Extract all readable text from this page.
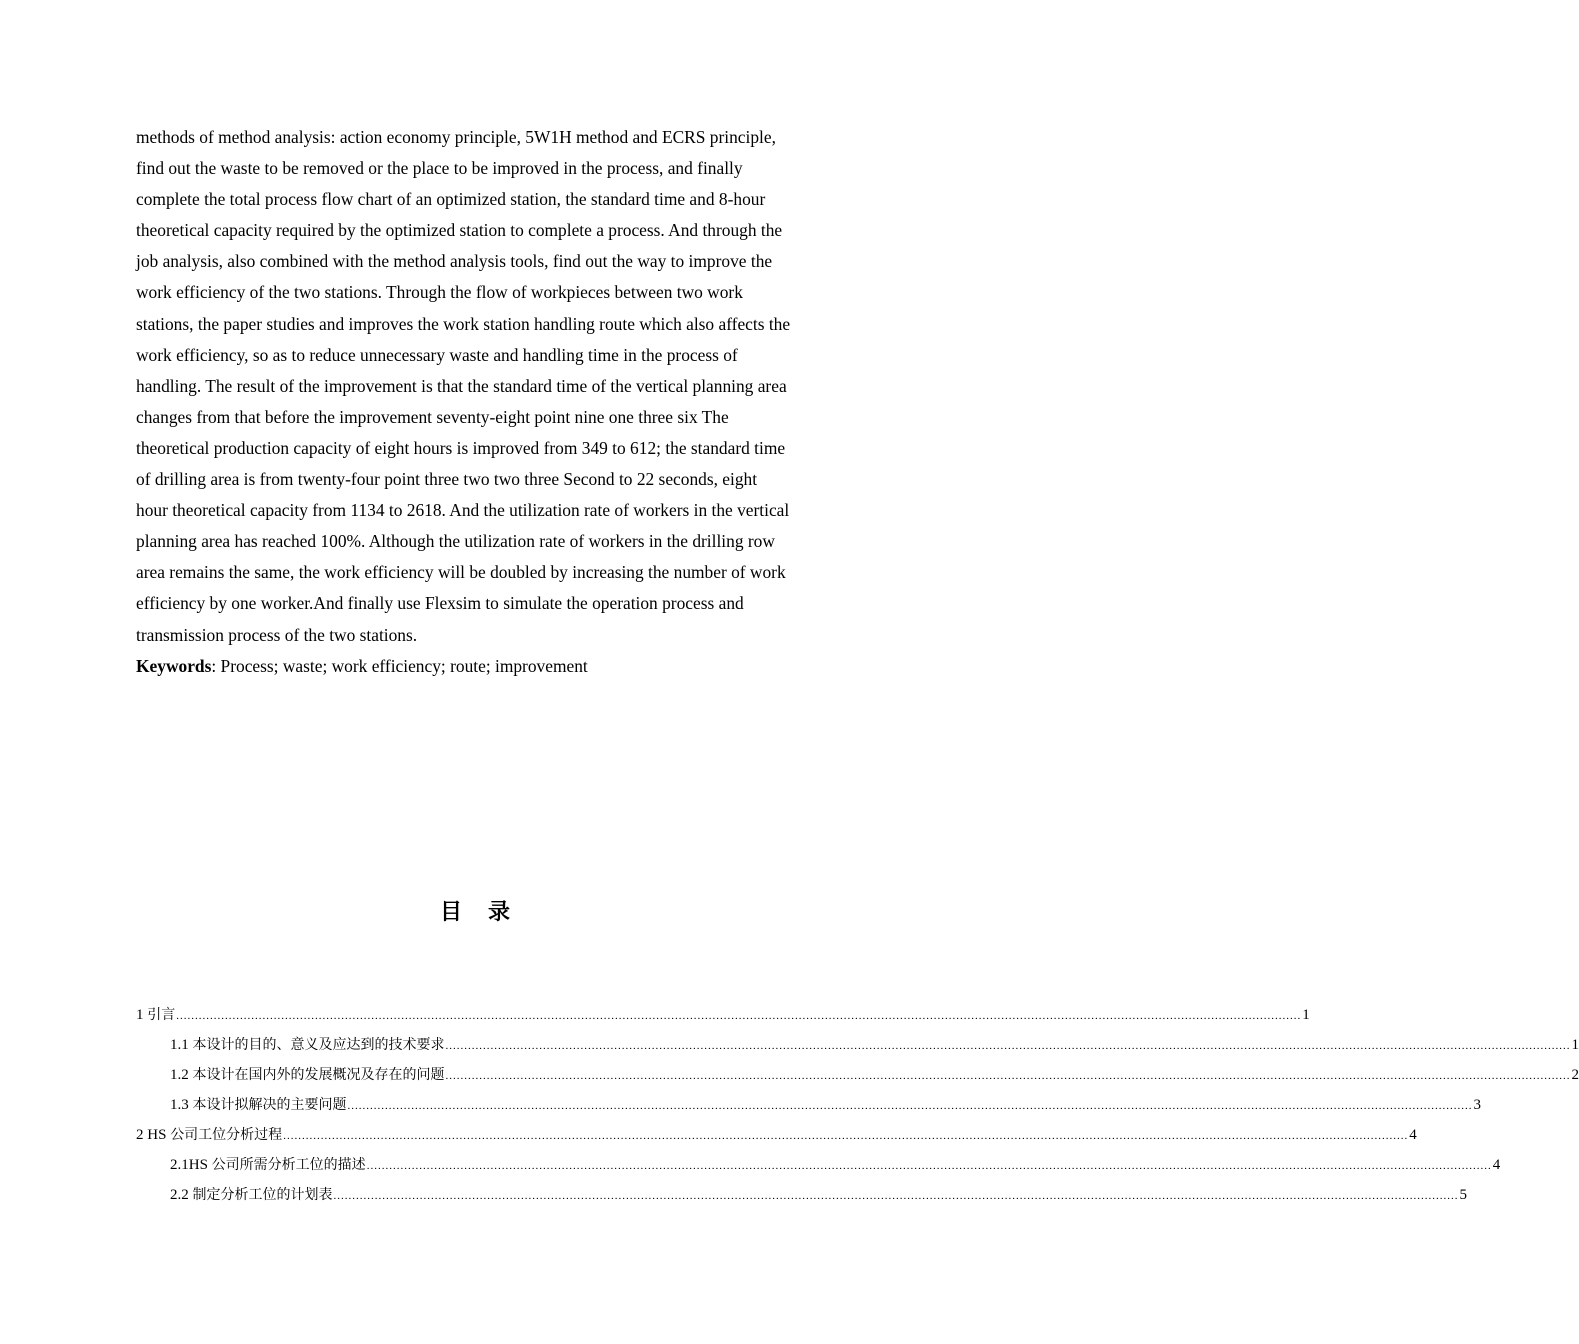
methods of method analysis: action economy principle, 5W1H method and ECRS principle,
find out the waste to be removed or the place to be improved in the process, and finally
complete the total process flow chart of an optimized station, the standard time and 8-hour
theoretical capacity required by the optimized station to complete a process. And through the
job analysis, also combined with the method analysis tools, find out the way to improve the
work efficiency of the two stations. Through the flow of workpieces between two work
stations, the paper studies and improves the work station handling route which also affects the
work efficiency, so as to reduce unnecessary waste and handling time in the process of
handling. The result of the improvement is that the standard time of the vertical planning area
changes from that before the improvement seventy-eight point nine one three six The
theoretical production capacity of eight hours is improved from 349 to 612; the standard time
of drilling area is from twenty-four point three two two three Second to 22 seconds, eight
hour theoretical capacity from 1134 to 2618. And the utilization rate of workers in the vertical
planning area has reached 100%. Although the utilization rate of workers in the drilling row
area remains the same, the work efficiency will be doubled by increasing the number of work
efficiency by one worker.And finally use Flexsim to simulate the operation process and
transmission process of the two stations.
Keywords: Process; waste; work efficiency; route; improvement
目 录
1 引言 ............................................................................................................................................................................................................................................................................................................ 1
1.1 本设计的目的、意义及应达到的技术要求 ............................................................................................................................................................................................................................................................................................................ 1
1.2 本设计在国内外的发展概况及存在的问题 ............................................................................................................................................................................................................................................................................................................ 2
1.3 本设计拟解决的主要问题 ............................................................................................................................................................................................................................................................................................................ 3
2 HS 公司工位分析过程 ............................................................................................................................................................................................................................................................................................................ 4
2.1HS 公司所需分析工位的描述 ............................................................................................................................................................................................................................................................................................................ 4
2.2 制定分析工位的计划表 ............................................................................................................................................................................................................................................................................................................ 5
